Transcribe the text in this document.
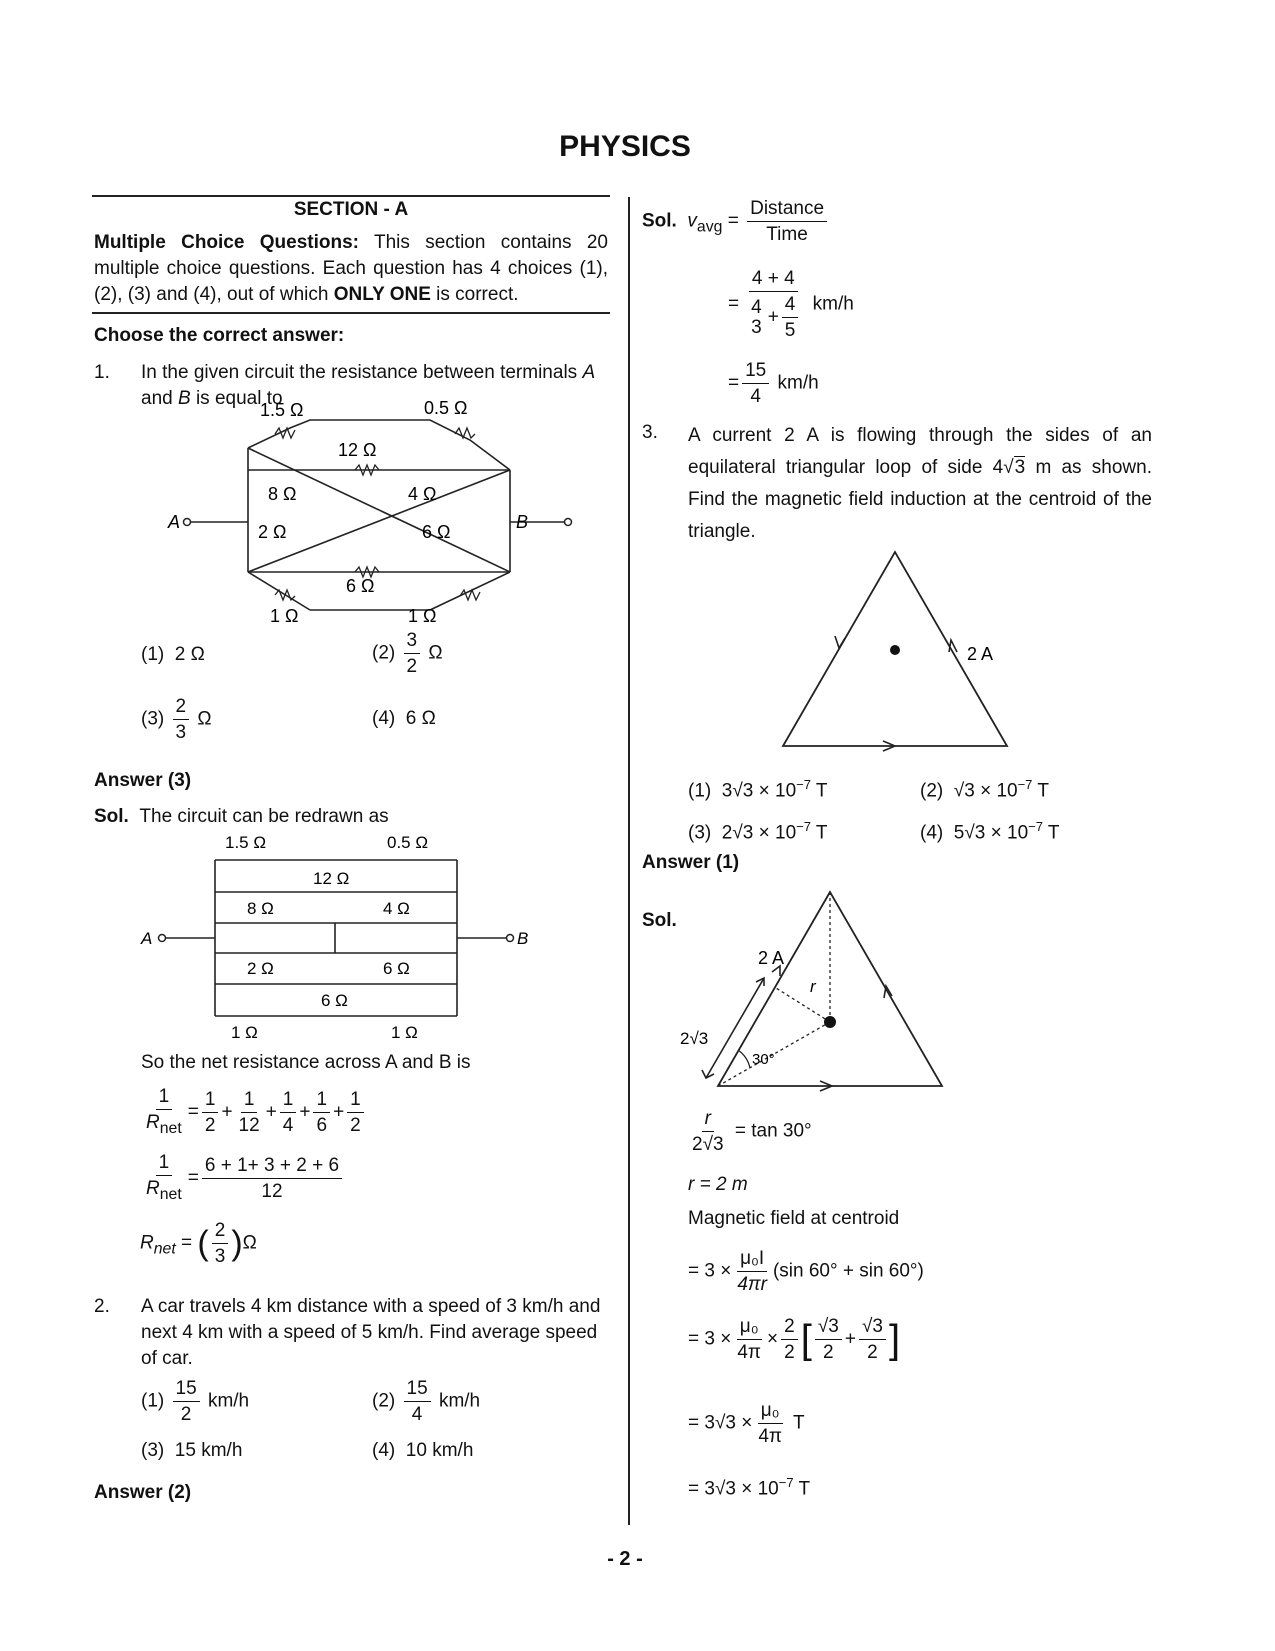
PHYSICS
SECTION - A
Multiple Choice Questions: This section contains 20 multiple choice questions. Each question has 4 choices (1), (2), (3) and (4), out of which ONLY ONE is correct.
Choose the correct answer:
1. In the given circuit the resistance between terminals A and B is equal to
1.5 Ω	0.5 Ω
12 Ω
8 Ω	4 Ω
2 Ω	6 Ω
6 Ω
1 Ω	1 Ω
A	B
(1) 2 Ω	$(2) \frac{3}{2}$ Ω
$(3) \frac{2}{3}$ Ω	(4) 6 Ω
Answer (3)
Sol. The circuit can be redrawn as
1.5 Ω	0.5 Ω
12 Ω
8 Ω	4 Ω
2 Ω	6 Ω
6 Ω
1 Ω	1 Ω
A	B
So the net resistance across A and B is
$\frac{1}{R_{net}} = \frac{1}{2} + \frac{1}{12} + \frac{1}{4} + \frac{1}{6} + \frac{1}{2}$
$\frac{1}{R_{net}} = \frac{6 + 1+ 3 + 2 + 6}{12}$
$R_{net}$ = ( $\frac{2}{3} )\Omega$
2. A car travels 4 km distance with a speed of 3 km/h and next 4 km with a speed of 5 km/h. Find average speed of car.
$(1) \frac{15}{2} km/h$	$(2) \frac{15}{4} km/h$
(3) 15 km/h	(4) 10 km/h
Answer (2)
Sol. $v_{avg} = \frac{\text{Distance}}{\text{Time}}$
= 4 + 4
4
$3 + \frac{4}{5} km/h$
= $\frac{15}{4} km/h$
3. A current 2 A is flowing through the sides of an equilateral triangular loop of side 4√3 m as shown. Find the magnetic field induction at the centroid of the triangle.
2 A
(1) $3√3 \times 10^{-7}$ T	(2) $√3 \times 10^{-7}$ T
(3) $2√3 \times 10^{-7}$ T	(4) $5√3 \times 10^{-7}$ T
Answer (1)
Sol.
2 A
r
2√3
30°
$\frac{r}{2√3} = \tan 30^\circ$
r = 2 m
Magnetic field at centroid
= $3 \times \frac{\text{μ₀I}}{4\pi r} (\sin$ 60° + sin 60°)
= $3 \times \frac{\text{μ₀}}{4\pi} \times \frac{2}{2}$ [ $\frac{√3}{2} + \frac{√3}{2}$ ]
= $3√3 \times \frac{\text{μ₀}}{4\pi}$ T
= $3√3 \times 10^{-7}$ T
- 2 -
